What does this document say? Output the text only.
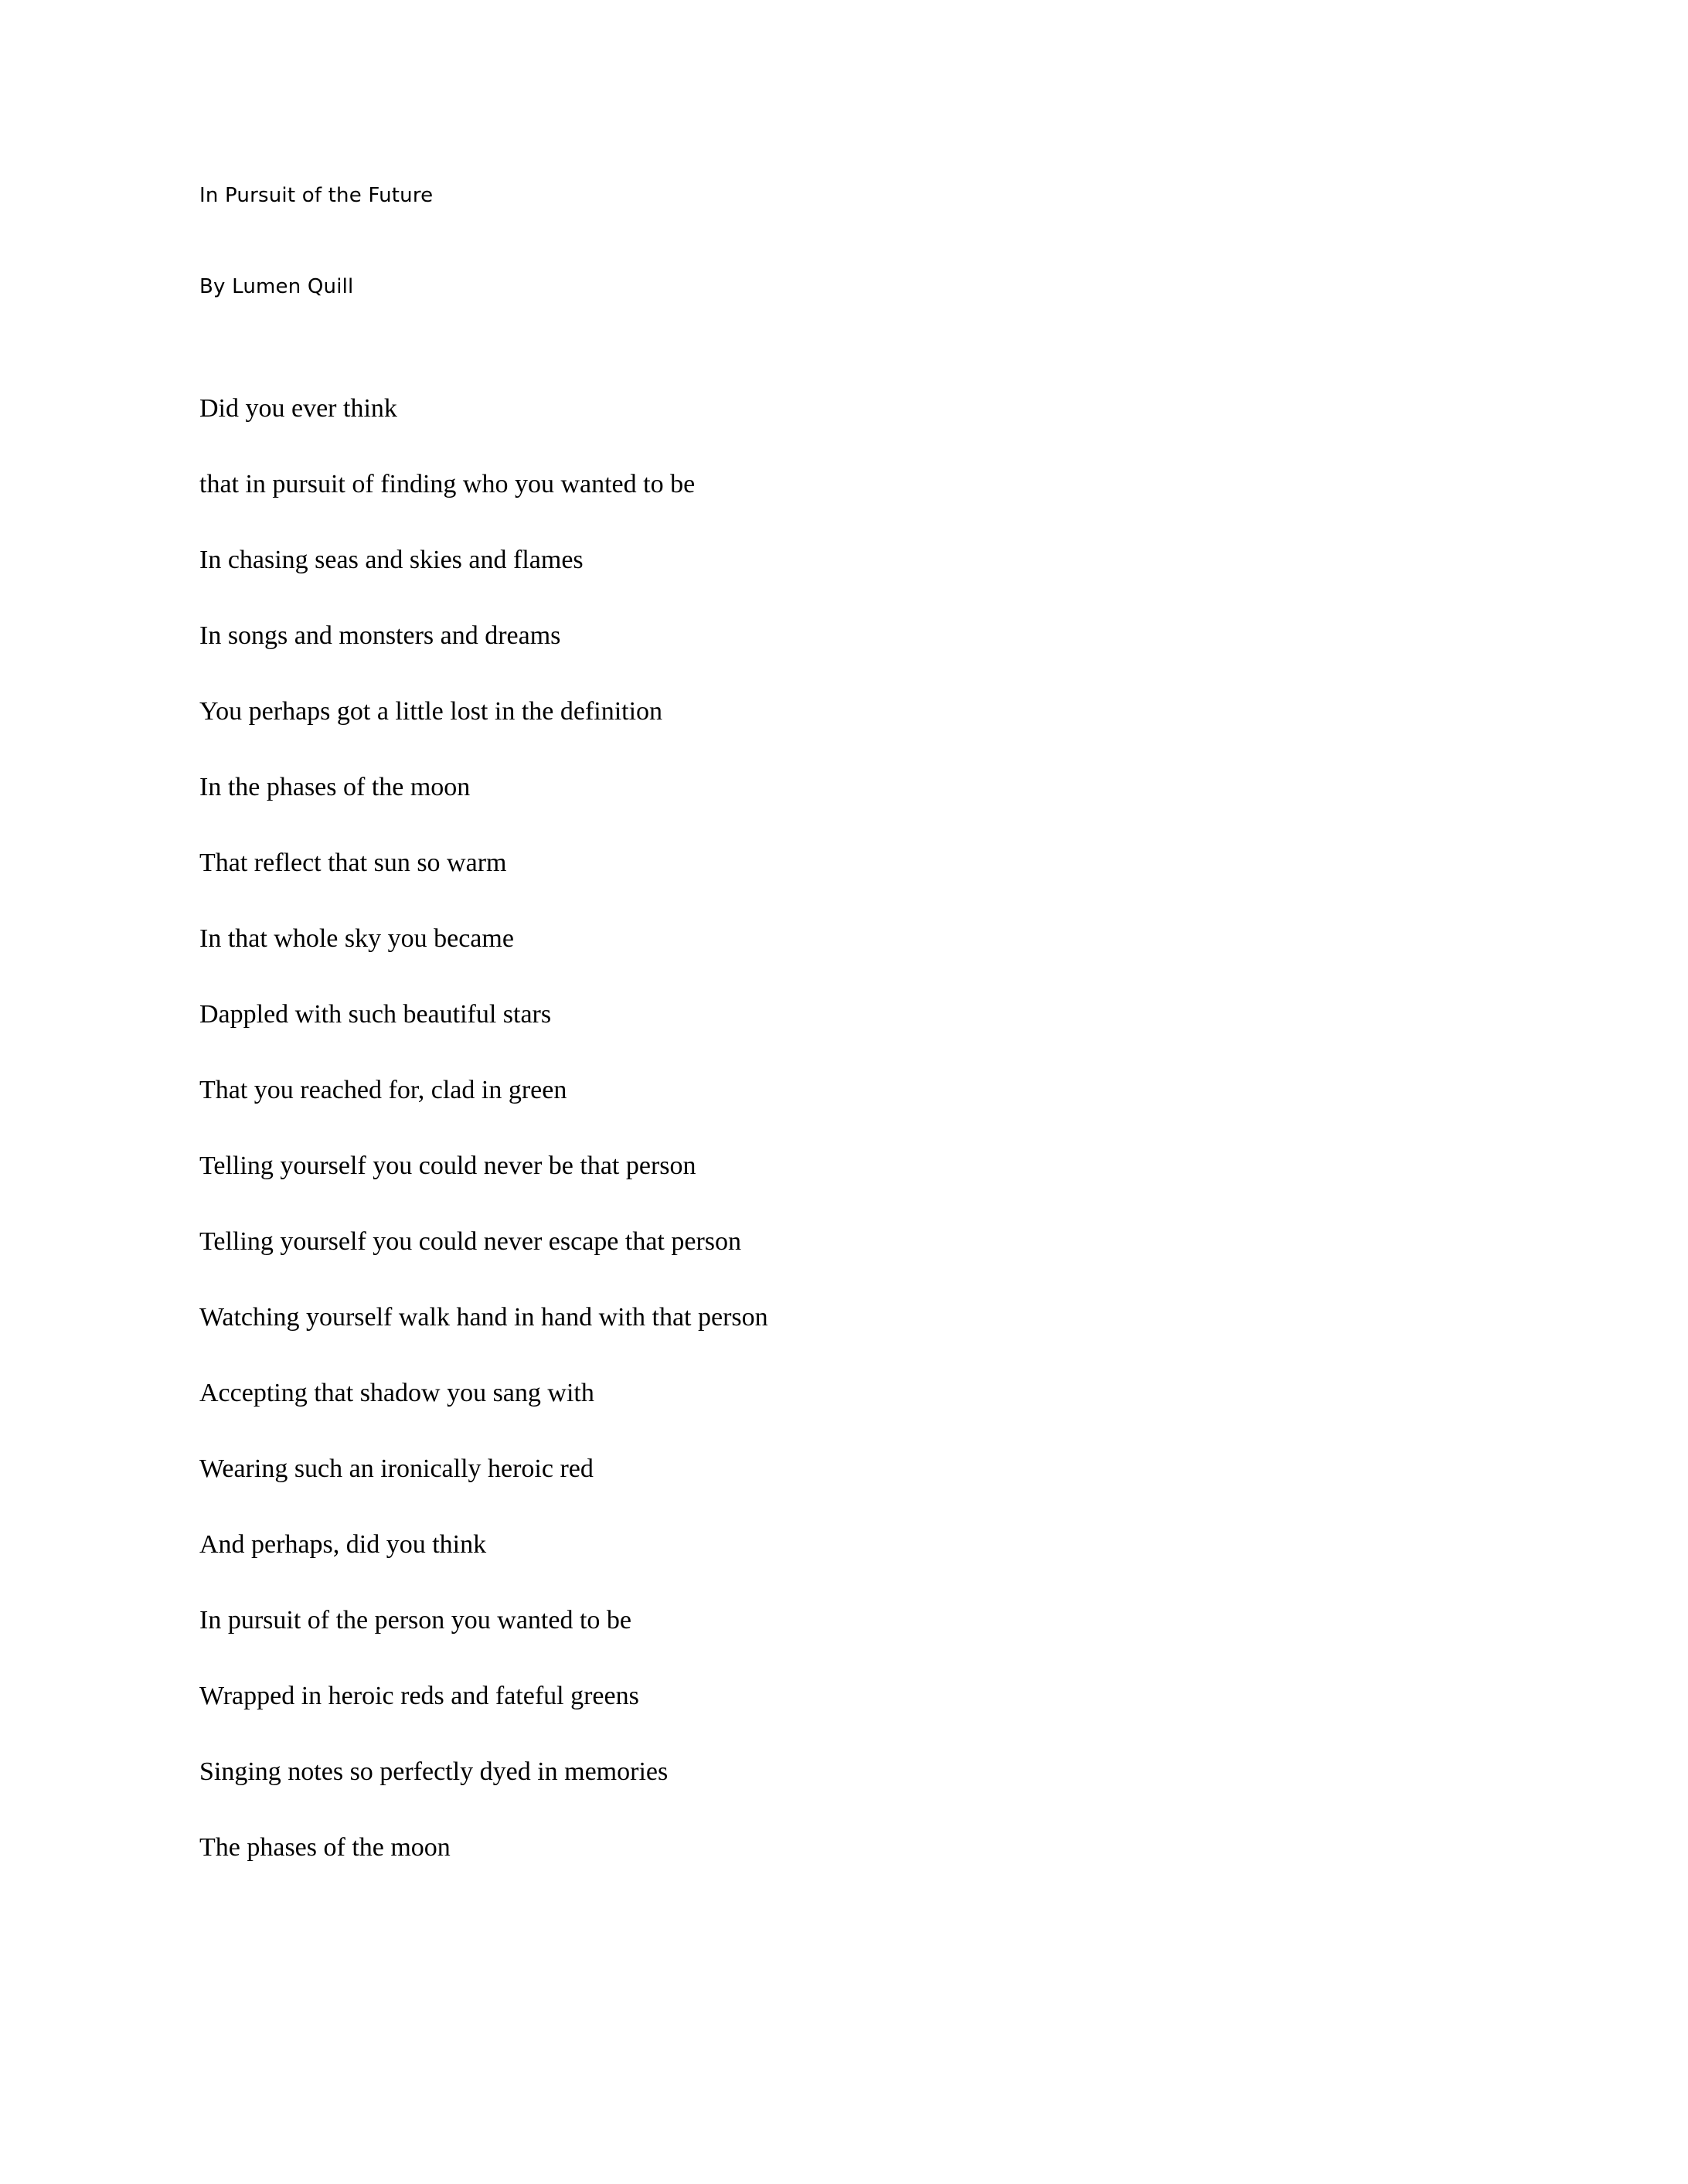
In Pursuit of the Future
By Lumen Quill
Did you ever think
that in pursuit of finding who you wanted to be
In chasing seas and skies and flames
In songs and monsters and dreams
You perhaps got a little lost in the definition
In the phases of the moon
That reflect that sun so warm
In that whole sky you became
Dappled with such beautiful stars
That you reached for, clad in green
Telling yourself you could never be that person
Telling yourself you could never escape that person
Watching yourself walk hand in hand with that person
Accepting that shadow you sang with
Wearing such an ironically heroic red
And perhaps, did you think
In pursuit of the person you wanted to be
Wrapped in heroic reds and fateful greens
Singing notes so perfectly dyed in memories
The phases of the moon
